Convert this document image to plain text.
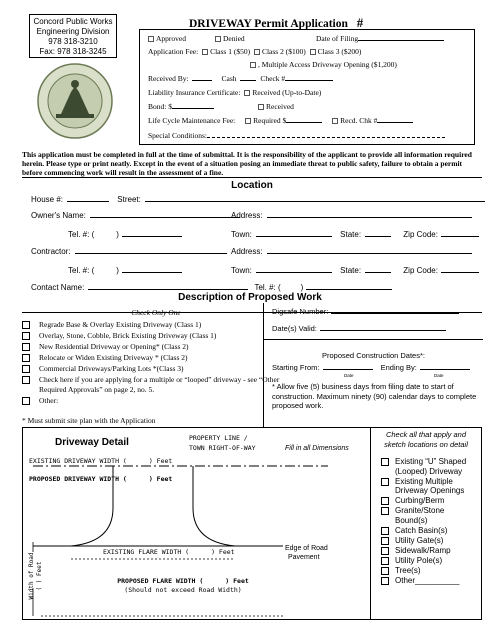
Concord Public Works
Engineering Division
978 318-3210
Fax: 978 318-3245
DRIVEWAY Permit Application #
Approved	Denied	Date of Filing
Application Fee: Class 1 ($50) Class 2 ($100) Class 3 ($200)
, Multiple Access Driveway Opening ($1,200)
Received By:	Cash	Check #
Liability Insurance Certificate: Received (Up-to-Date)
Bond: $	Received
Life Cycle Maintenance Fee: Required $	Recd. Chk #
Special Conditions:
This application must be completed in full at the time of submittal. It is the responsibility of the applicant to provide all information required herein. Please type or print neatly. Except in the event of a situation posing an immediate threat to public safety, failure to obtain a permit before commencing work will result in the assessment of a fine.
Location
House #:	Street:
Owner's Name:	Address:
Tel. #: (	)	Town:	State:	Zip Code:
Contractor:	Address:
Tel. #: (	)	Town:	State:	Zip Code:
Contact Name:	Tel. #: (	)
Description of Proposed Work
Check Only One
Regrade Base & Overlay Existing Driveway (Class 1)
Overlay, Stone, Cobble, Brick Existing Driveway (Class 1)
New Residential Driveway or Opening* (Class 2)
Relocate or Widen Existing Driveway * (Class 2)
Commercial Driveways/Parking Lots *(Class 3)
Check here if you are applying for a multiple or “looped” driveway - see “Other Required Approvals” on page 2, no. 5.
Other:
* Must submit site plan with the Application
Digsafe Number:
Date(s) Valid:
Proposed Construction Dates*:
Starting From:	Ending By:
Date	Date
* Allow five (5) business days from filing date to start of construction. Maximum ninety (90) calendar days to complete proposed work.
Driveway Detail
Fill in all Dimensions
PROPERTY LINE /
TOWN RIGHT-OF-WAY
EXISTING DRIVEWAY WIDTH (	) Feet
PROPOSED DRIVEWAY WIDTH (	) Feet
EXISTING FLARE WIDTH (	) Feet	Edge of Road
Pavement
PROPOSED FLARE WIDTH (	) Feet
(Should not exceed Road Width)
Width of Road ( ) Feet
Check all that apply and sketch locations on detail
Existing “U” Shaped (Looped) Driveway
Existing Multiple Driveway Openings
Curbing/Berm
Granite/Stone Bound(s)
Catch Basin(s)
Utility Gate(s)
Sidewalk/Ramp
Utility Pole(s)
Tree(s)
Other__________
